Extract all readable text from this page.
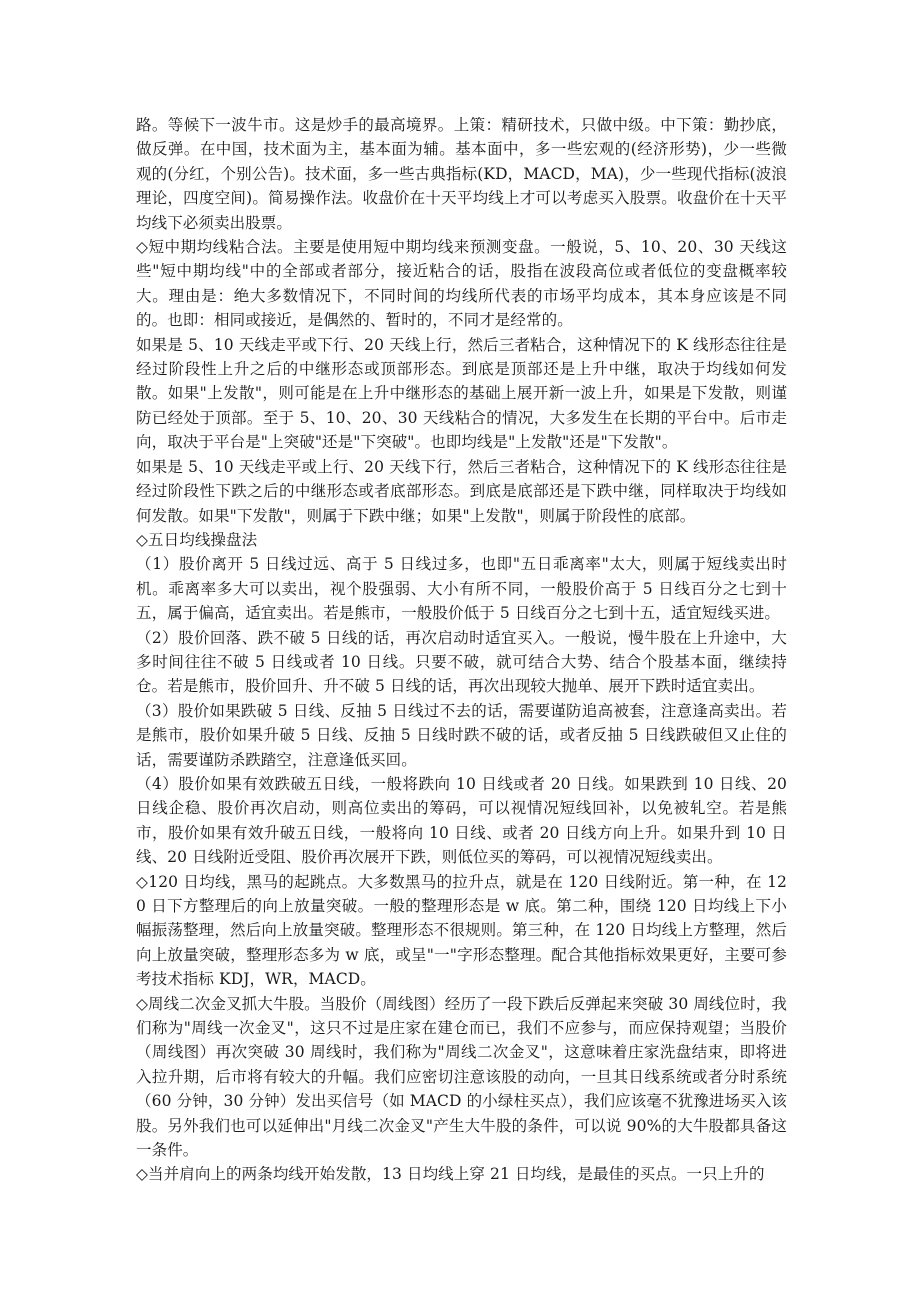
路。等候下一波牛市。这是炒手的最高境界。上策：精研技术，只做中级。中下策：勤抄底，做反弹。在中国，技术面为主，基本面为辅。基本面中，多一些宏观的(经济形势)，少一些微观的(分红，个别公告)。技术面，多一些古典指标(KD，MACD，MA)，少一些现代指标(波浪理论，四度空间)。简易操作法。收盘价在十天平均线上才可以考虑买入股票。收盘价在十天平均线下必须卖出股票。

◇短中期均线粘合法。主要是使用短中期均线来预测变盘。一般说，5、10、20、30 天线这些"短中期均线"中的全部或者部分，接近粘合的话，股指在波段高位或者低位的变盘概率较大。理由是：绝大多数情况下，不同时间的均线所代表的市场平均成本，其本身应该是不同的。也即：相同或接近，是偶然的、暂时的，不同才是经常的。

如果是 5、10 天线走平或下行、20 天线上行，然后三者粘合，这种情况下的 K 线形态往往是经过阶段性上升之后的中继形态或顶部形态。到底是顶部还是上升中继，取决于均线如何发散。如果"上发散"，则可能是在上升中继形态的基础上展开新一波上升，如果是下发散，则谨防已经处于顶部。至于 5、10、20、30 天线粘合的情况，大多发生在长期的平台中。后市走向，取决于平台是"上突破"还是"下突破"。也即均线是"上发散"还是"下发散"。

如果是 5、10 天线走平或上行、20 天线下行，然后三者粘合，这种情况下的 K 线形态往往是经过阶段性下跌之后的中继形态或者底部形态。到底是底部还是下跌中继，同样取决于均线如何发散。如果"下发散"，则属于下跌中继；如果"上发散"，则属于阶段性的底部。

◇五日均线操盘法

（1）股价离开 5 日线过远、高于 5 日线过多，也即"五日乖离率"太大，则属于短线卖出时机。乖离率多大可以卖出，视个股强弱、大小有所不同，一般股价高于 5 日线百分之七到十五，属于偏高，适宜卖出。若是熊市，一般股价低于 5 日线百分之七到十五，适宜短线买进。

（2）股价回落、跌不破 5 日线的话，再次启动时适宜买入。一般说，慢牛股在上升途中，大多时间往往不破 5 日线或者 10 日线。只要不破，就可结合大势、结合个股基本面，继续持仓。若是熊市，股价回升、升不破 5 日线的话，再次出现较大抛单、展开下跌时适宜卖出。

（3）股价如果跌破 5 日线、反抽 5 日线过不去的话，需要谨防追高被套，注意逢高卖出。若是熊市，股价如果升破 5 日线、反抽 5 日线时跌不破的话，或者反抽 5 日线跌破但又止住的话，需要谨防杀跌踏空，注意逢低买回。

（4）股价如果有效跌破五日线，一般将跌向 10 日线或者 20 日线。如果跌到 10 日线、20 日线企稳、股价再次启动，则高位卖出的筹码，可以视情况短线回补，以免被轧空。若是熊市，股价如果有效升破五日线，一般将向 10 日线、或者 20 日线方向上升。如果升到 10 日线、20 日线附近受阻、股价再次展开下跌，则低位买的筹码，可以视情况短线卖出。

◇120 日均线，黑马的起跳点。大多数黑马的拉升点，就是在 120 日线附近。第一种，在 120 日下方整理后的向上放量突破。一般的整理形态是 w 底。第二种，围绕 120 日均线上下小幅振荡整理，然后向上放量突破。整理形态不很规则。第三种，在 120 日均线上方整理，然后向上放量突破，整理形态多为 w 底，或呈"一"字形态整理。配合其他指标效果更好，主要可参考技术指标 KDJ，WR，MACD。

◇周线二次金叉抓大牛股。当股价（周线图）经历了一段下跌后反弹起来突破 30 周线位时，我们称为"周线一次金叉"，这只不过是庄家在建仓而已，我们不应参与，而应保持观望；当股价（周线图）再次突破 30 周线时，我们称为"周线二次金叉"，这意味着庄家洗盘结束，即将进入拉升期，后市将有较大的升幅。我们应密切注意该股的动向，一旦其日线系统或者分时系统（60 分钟，30 分钟）发出买信号（如 MACD 的小绿柱买点），我们应该毫不犹豫进场买入该股。另外我们也可以延伸出"月线二次金叉"产生大牛股的条件，可以说 90%的大牛股都具备这一条件。

◇当并肩向上的两条均线开始发散，13 日均线上穿 21 日均线，是最佳的买点。一只上升的
